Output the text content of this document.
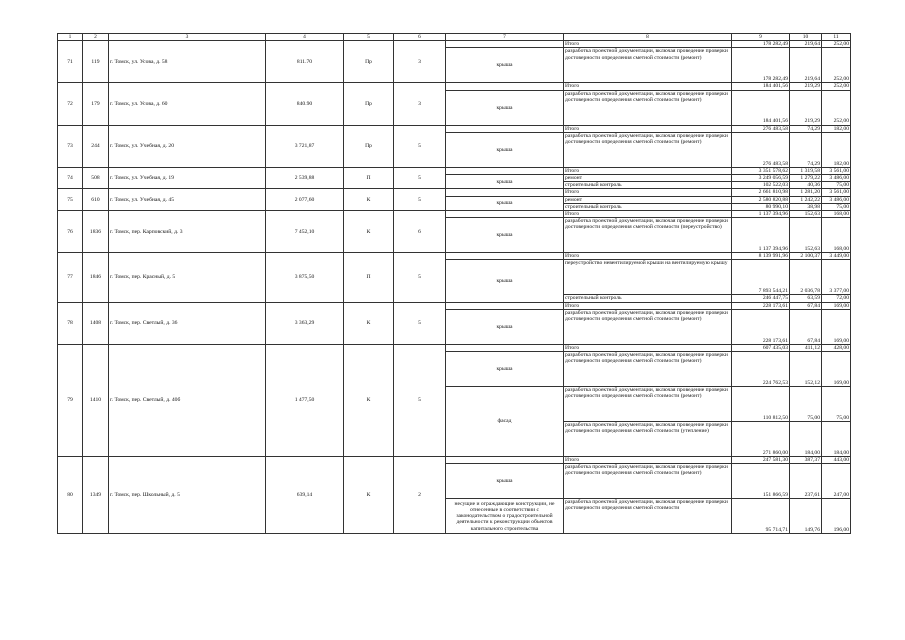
1	2	3	4	5	6	7	8	9	10	11
71	119	г. Томск, ул. Усова, д. 58	811.70	Пр	3		Итого	178 282,49	219,64	252,00
						крыша	разработка проектной документации, включая проведение проверки достоверности определения сметной стоимости (ремонт)	178 282,49	219,64	252,00
72	179	г. Томск, ул. Усова, д. 60	840.90	Пр	3		Итого	184 401,56	219,29	252,00
						крыша	разработка проектной документации, включая проведение проверки достоверности определения сметной стоимости (ремонт)	184 401,56	219,29	252,00
73	244	г. Томск, ул. Учебная, д. 20	3 721,87	Пр	5		Итого	276 483,58	74,29	182,00
						крыша	разработка проектной документации, включая проведение проверки достоверности определения сметной стоимости (ремонт)	276 483,58	74,29	182,00
74	508	г. Томск, ул. Учебная, д. 19	2 539,88	П	5		Итого	3 351 578,62	1 319,58	3 561,00
						крыша	ремонт	3 249 056,59	1 279,22	3 486,00
							строительный контроль	102 522,03	40,36	75,00
75	610	г. Томск, ул. Учебная, д. 45	2 077,60	К	5		Итого	2 661 810,98	1 281,20	3 561,00
						крыша	ремонт	2 580 820,88	1 242,22	3 486,00
							строительный контроль	80 990,10	38,98	75,00
76	1836	г. Томск, пер. Карповский, д. 3	7 452,10	К	6		Итого	1 137 394,96	152,63	168,00
						крыша	разработка проектной документации, включая проведение проверки достоверности определения сметной стоимости (переустройство)	1 137 394,96	152,63	168,00
77	1846	г. Томск, пер. Красный, д. 5	3 875,50	П	5		Итого	8 139 991,96	2 100,37	3 449,00
						крыша	переустройство невентилируемой крыши на вентилируемую крышу	7 893 544,21	2 036,78	3 377,00
							строительный контроль	246 447,75	63,59	72,00
78	1408	г. Томск, пер. Светлый, д. 36	3 363,29	К	5		Итого	228 173,61	67,84	169,00
						крыша	разработка проектной документации, включая проведение проверки достоверности определения сметной стоимости (ремонт)	228 173,61	67,84	169,00
79	1410	г. Томск, пер. Светлый, д. 40б	1 477,50	К	5		Итого	607 435,03	411,12	428,00
						крыша	разработка проектной документации, включая проведение проверки достоверности определения сметной стоимости (ремонт)	224 762,53	152,12	169,00
						фасад	разработка проектной документации, включая проведение проверки достоверности определения сметной стоимости (ремонт)	110 812,50	75,00	75,00
							разработка проектной документации, включая проведение проверки достоверности определения сметной стоимости (утепление)	271 860,00	184,00	184,00
80	1349	г. Томск, пер. Школьный, д. 5	639,14	К	2		Итого	247 581,30	387,37	443,00
						крыша	разработка проектной документации, включая проведение проверки достоверности определения сметной стоимости (ремонт)	151 866,59	237,61	247,00
						несущие и ограждающие конструкции, не отнесенные в соответствии с законодательством о градостроительной деятельности к реконструкции объектов капитального строительства	разработка проектной документации, включая проведение проверки достоверности определения сметной стоимости	95 714,71	149,76	196,00
